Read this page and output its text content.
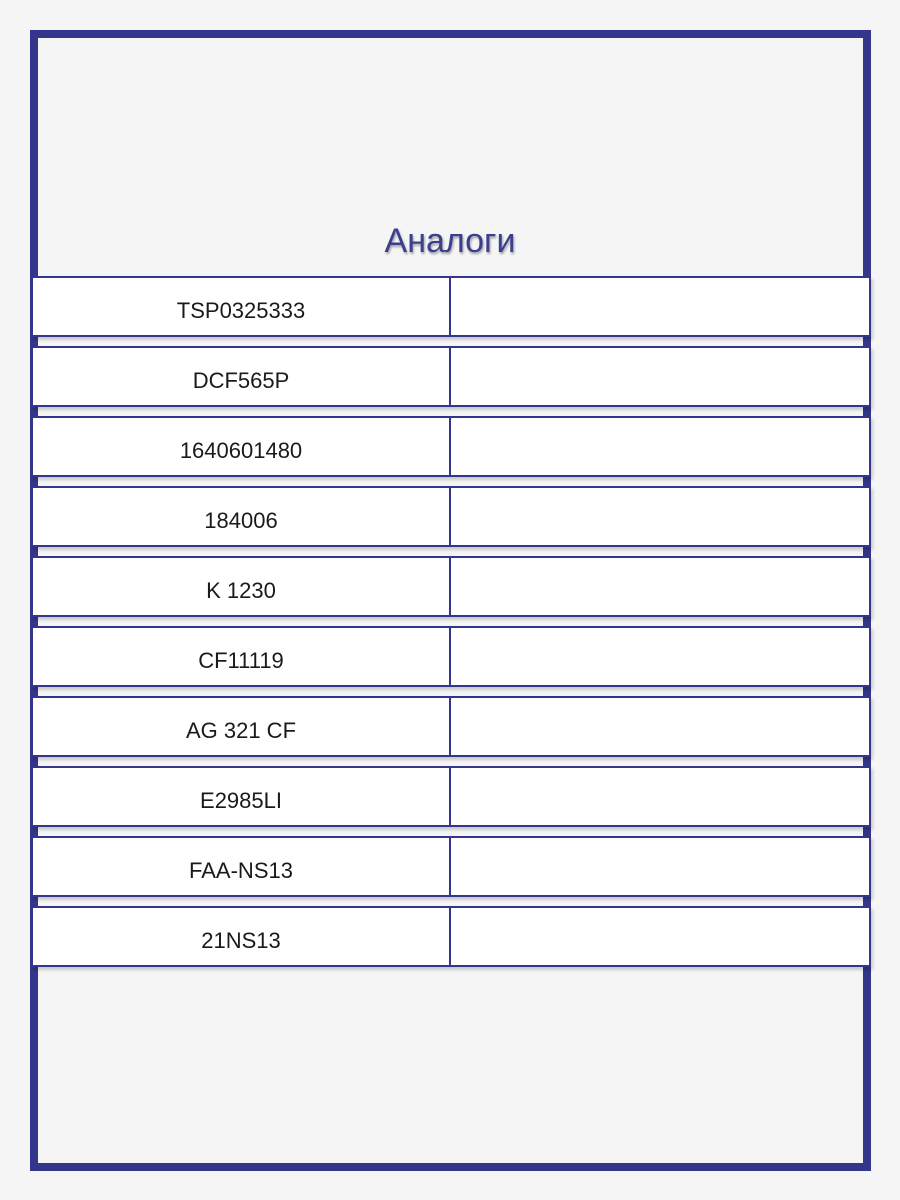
Аналоги
TSP0325333
DCF565P
1640601480
184006
K 1230
CF11119
AG 321 CF
E2985LI
FAA-NS13
21NS13
